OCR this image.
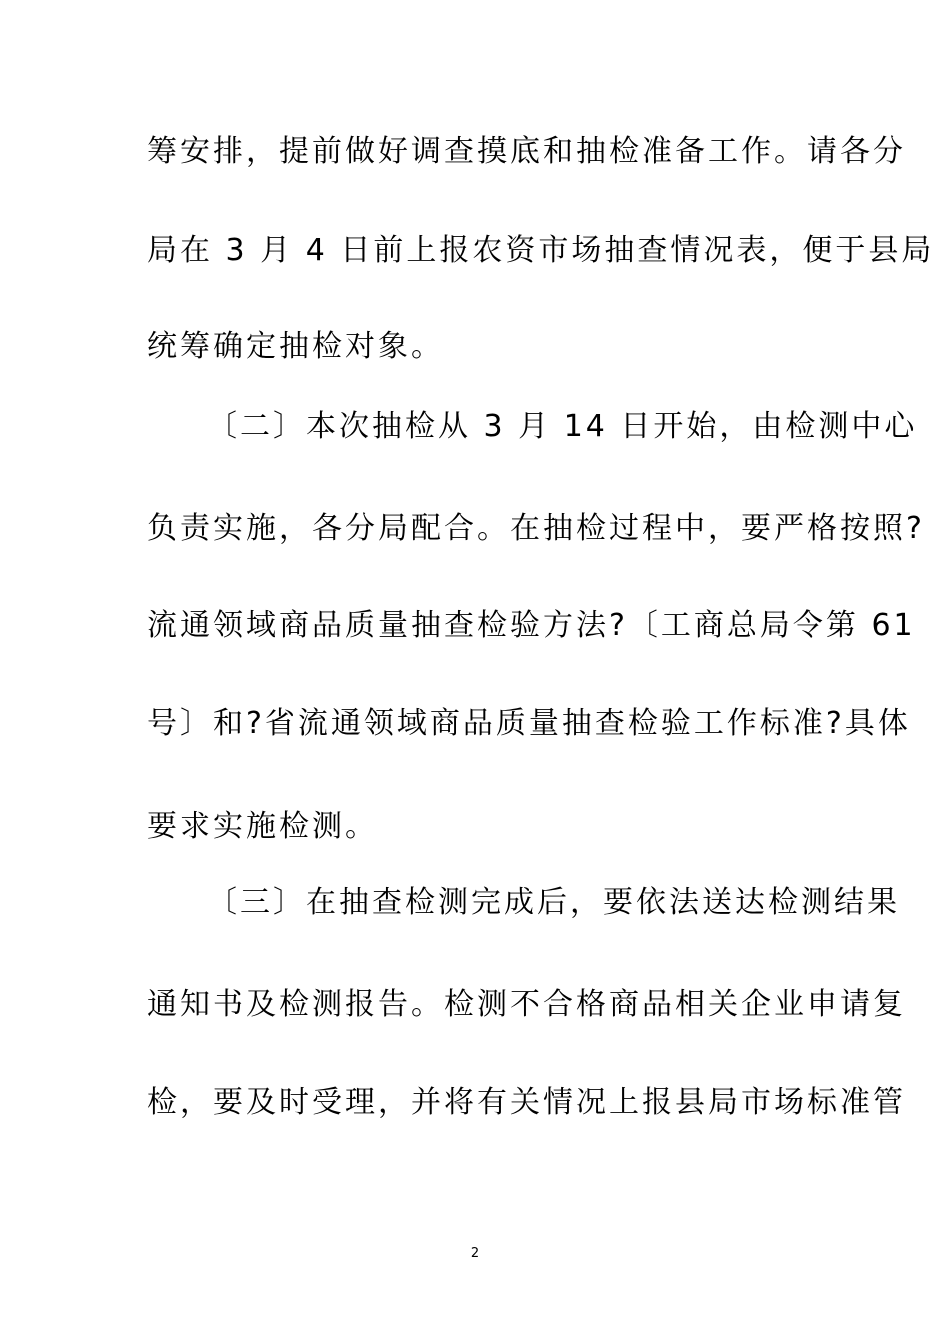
筹安排，提前做好调查摸底和抽检准备工作。请各分
局在 3 月 4 日前上报农资市场抽查情况表，便于县局
统筹确定抽检对象。
〔二〕本次抽检从 3 月 14 日开始，由检测中心
负责实施，各分局配合。在抽检过程中，要严格按照?
流通领域商品质量抽查检验方法?〔工商总局令第 61
号〕和?省流通领域商品质量抽查检验工作标准?具体
要求实施检测。
〔三〕在抽查检测完成后，要依法送达检测结果
通知书及检测报告。检测不合格商品相关企业申请复
检，要及时受理，并将有关情况上报县局市场标准管
2
